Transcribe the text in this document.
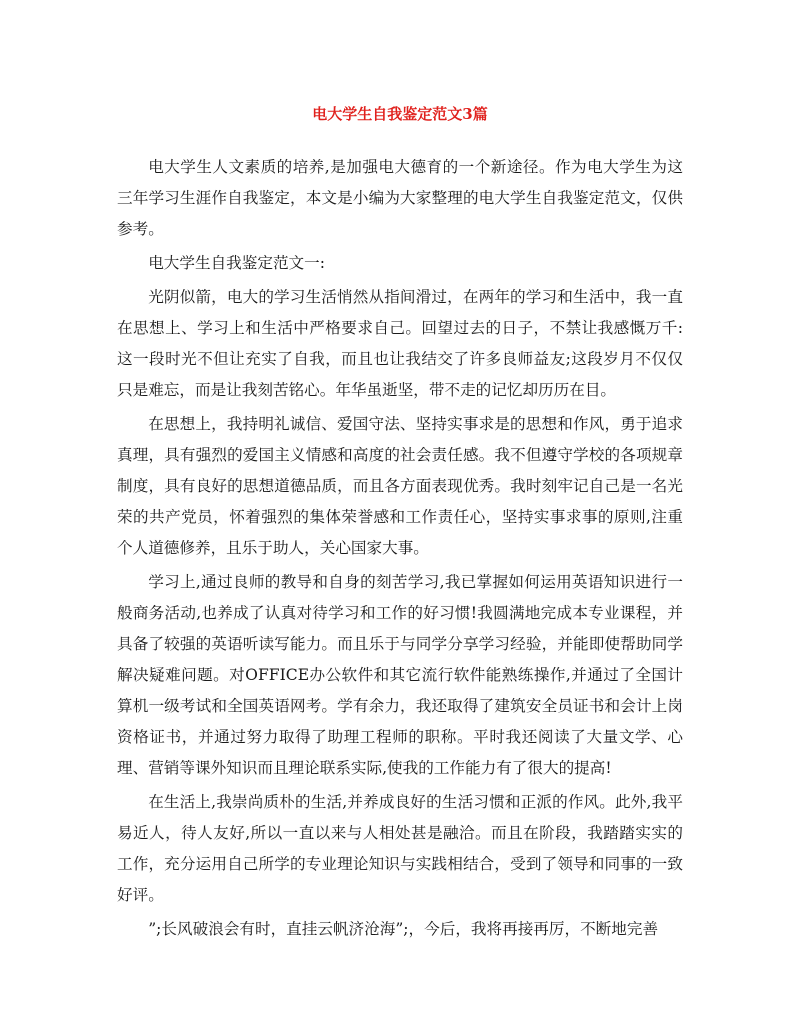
电大学生自我鉴定范文3篇

电大学生人文素质的培养,是加强电大德育的一个新途径。作为电大学生为这三年学习生涯作自我鉴定，本文是小编为大家整理的电大学生自我鉴定范文，仅供参考。

电大学生自我鉴定范文一:

光阴似箭，电大的学习生活悄然从指间滑过，在两年的学习和生活中，我一直在思想上、学习上和生活中严格要求自己。回望过去的日子，不禁让我感慨万千:这一段时光不但让充实了自我，而且也让我结交了许多良师益友;这段岁月不仅仅只是难忘，而是让我刻苦铭心。年华虽逝坚，带不走的记忆却历历在目。

在思想上，我持明礼诚信、爱国守法、坚持实事求是的思想和作风，勇于追求真理，具有强烈的爱国主义情感和高度的社会责任感。我不但遵守学校的各项规章制度，具有良好的思想道德品质，而且各方面表现优秀。我时刻牢记自己是一名光荣的共产党员，怀着强烈的集体荣誉感和工作责任心，坚持实事求事的原则,注重个人道德修养，且乐于助人，关心国家大事。

学习上,通过良师的教导和自身的刻苦学习,我已掌握如何运用英语知识进行一般商务活动,也养成了认真对待学习和工作的好习惯!我圆满地完成本专业课程，并具备了较强的英语听读写能力。而且乐于与同学分享学习经验，并能即使帮助同学解决疑难问题。对OFFICE办公软件和其它流行软件能熟练操作,并通过了全国计算机一级考试和全国英语网考。学有余力，我还取得了建筑安全员证书和会计上岗资格证书，并通过努力取得了助理工程师的职称。平时我还阅读了大量文学、心理、营销等课外知识而且理论联系实际,使我的工作能力有了很大的提高!

在生活上,我崇尚质朴的生活,并养成良好的生活习惯和正派的作风。此外,我平易近人，待人友好,所以一直以来与人相处甚是融洽。而且在阶段，我踏踏实实的工作，充分运用自己所学的专业理论知识与实践相结合，受到了领导和同事的一致好评。

”;长风破浪会有时，直挂云帆济沧海”;，今后，我将再接再厉，不断地完善
